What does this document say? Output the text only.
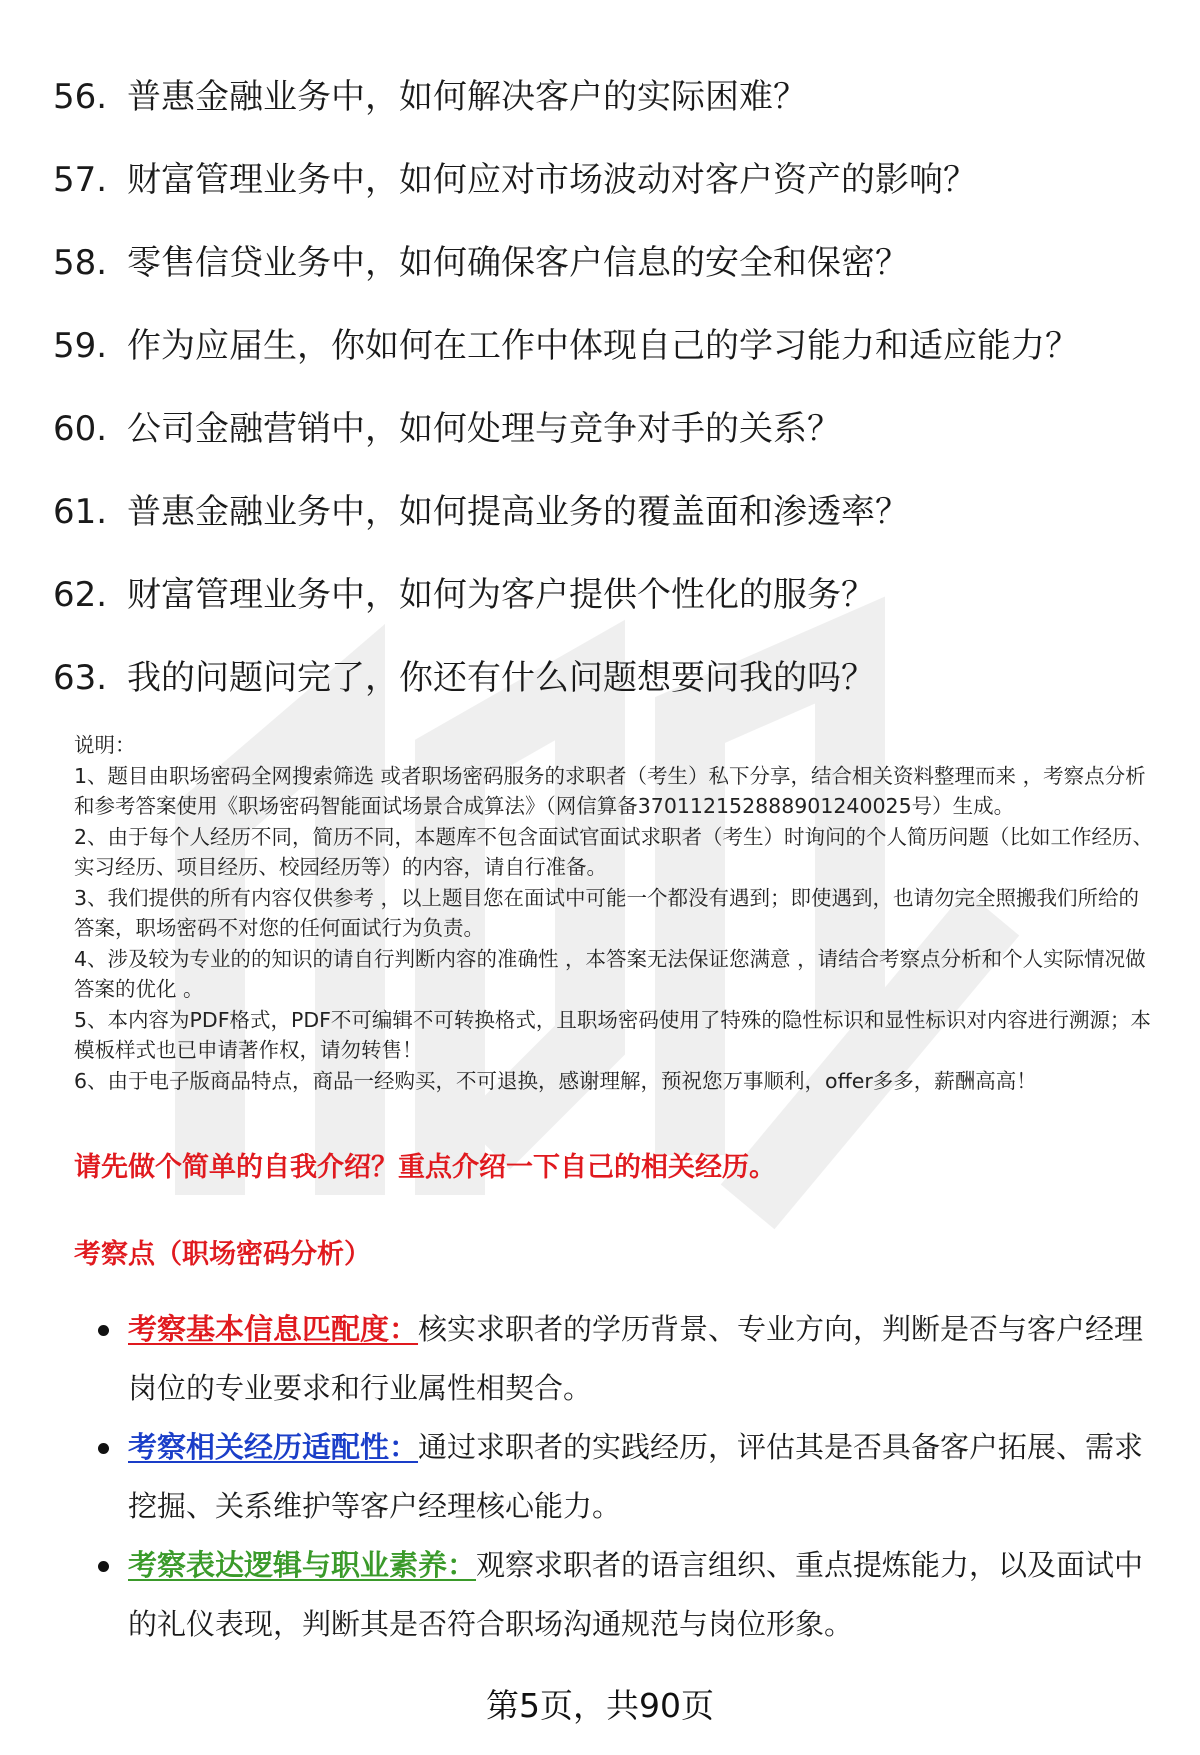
56. 普惠金融业务中，如何解决客户的实际困难？
57. 财富管理业务中，如何应对市场波动对客户资产的影响？
58. 零售信贷业务中，如何确保客户信息的安全和保密？
59. 作为应届生，你如何在工作中体现自己的学习能力和适应能力？
60. 公司金融营销中，如何处理与竞争对手的关系？
61. 普惠金融业务中，如何提高业务的覆盖面和渗透率？
62. 财富管理业务中，如何为客户提供个性化的服务？
63. 我的问题问完了，你还有什么问题想要问我的吗？

说明：

1、题目由职场密码全网搜索筛选 或者职场密码服务的求职者（考生）私下分享，结合相关资料整理而来 ，考察点分析和参考答案使用《职场密码智能面试场景合成算法》（网信算备370112152888901240025号）生成。

2、由于每个人经历不同，简历不同，本题库不包含面试官面试求职者（考生）时询问的个人简历问题（比如工作经历、实习经历、项目经历、校园经历等）的内容，请自行准备。

3、我们提供的所有内容仅供参考 ，以上题目您在面试中可能一个都没有遇到；即使遇到，也请勿完全照搬我们所给的答案，职场密码不对您的任何面试行为负责。

4、涉及较为专业的的知识的请自行判断内容的准确性 ，本答案无法保证您满意 ，请结合考察点分析和个人实际情况做答案的优化 。

5、本内容为PDF格式，PDF不可编辑不可转换格式，且职场密码使用了特殊的隐性标识和显性标识对内容进行溯源；本模板样式也已申请著作权，请勿转售！

6、由于电子版商品特点，商品一经购买，不可退换，感谢理解，预祝您万事顺利，offer多多，薪酬高高！

请先做个简单的自我介绍？重点介绍一下自己的相关经历。
考察点（职场密码分析）
考察基本信息匹配度：核实求职者的学历背景、专业方向，判断是否与客户经理岗位的专业要求和行业属性相契合。
考察相关经历适配性：通过求职者的实践经历，评估其是否具备客户拓展、需求挖掘、关系维护等客户经理核心能力。
考察表达逻辑与职业素养：观察求职者的语言组织、重点提炼能力，以及面试中的礼仪表现，判断其是否符合职场沟通规范与岗位形象。
第5页，共90页
